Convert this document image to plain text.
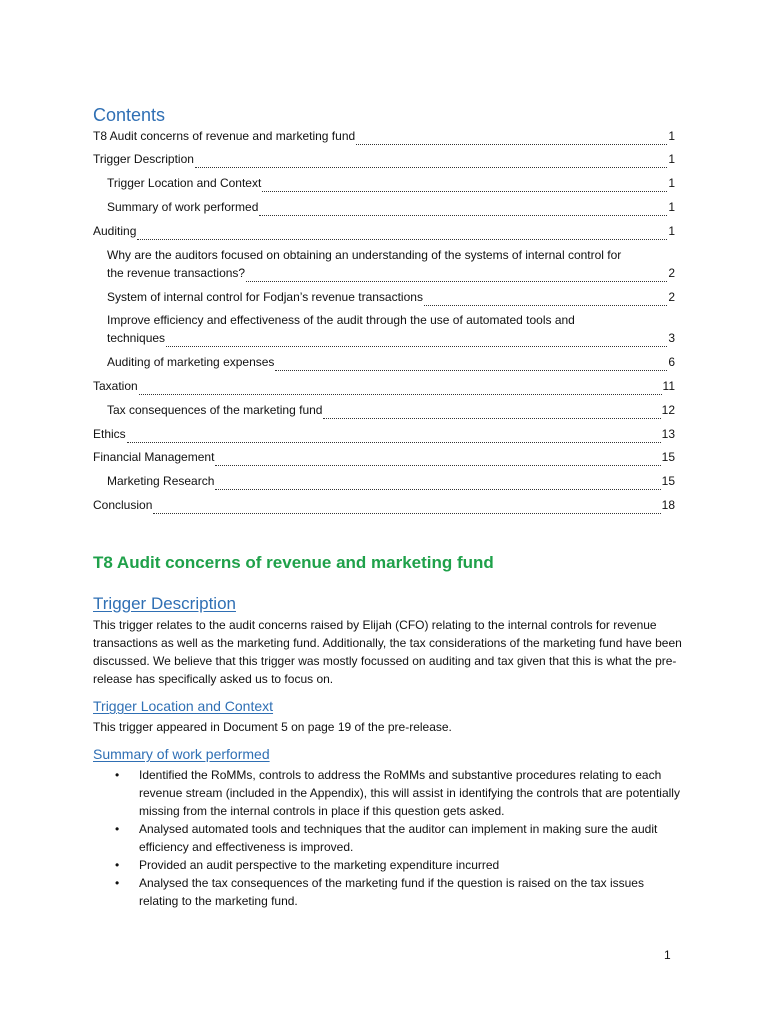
Contents
T8 Audit concerns of revenue and marketing fund	1
Trigger Description	1
Trigger Location and Context	1
Summary of work performed	1
Auditing	1
Why are the auditors focused on obtaining an understanding of the systems of internal control for
the revenue transactions?	2
System of internal control for Fodjan’s revenue transactions	2
Improve efficiency and effectiveness of the audit through the use of automated tools and
techniques	3
Auditing of marketing expenses	6
Taxation	11
Tax consequences of the marketing fund	12
Ethics	13
Financial Management	15
Marketing Research	15
Conclusion	18
T8 Audit concerns of revenue and marketing fund
Trigger Description

This trigger relates to the audit concerns raised by Elijah (CFO) relating to the internal controls for revenue transactions as well as the marketing fund. Additionally, the tax considerations of the marketing fund have been discussed. We believe that this trigger was mostly focussed on auditing and tax given that this is what the pre-release has specifically asked us to focus on.

Trigger Location and Context

This trigger appeared in Document 5 on page 19 of the pre-release.

Summary of work performed
• Identified the RoMMs, controls to address the RoMMs and substantive procedures relating to each revenue stream (included in the Appendix), this will assist in identifying the controls that are potentially missing from the internal controls in place if this question gets asked.
• Analysed automated tools and techniques that the auditor can implement in making sure the audit efficiency and effectiveness is improved.
• Provided an audit perspective to the marketing expenditure incurred
• Analysed the tax consequences of the marketing fund if the question is raised on the tax issues relating to the marketing fund.
1
